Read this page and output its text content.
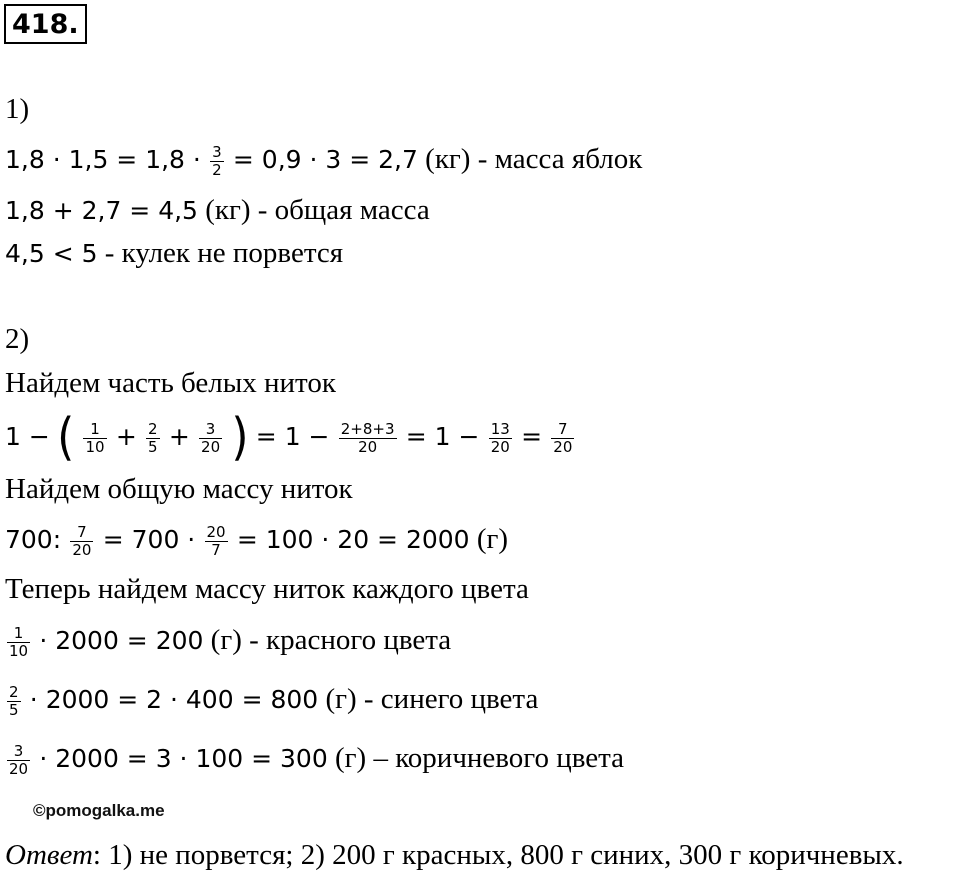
418.
1)
$1,8 \cdot 1,5 = 1,8 \cdot \frac{3}{2} = 0,9 \cdot 3 = 2,7$ (кг) - масса яблок
1,8 + 2,7 = 4,5 (кг) - общая масса
4,5 < 5 - кулек не порвется
2)
Найдем часть белых ниток
1 − ( $\frac{1}{10} + \frac{2}{5} + \frac{3}{20}$ ) = $1 - \frac{2+8+3}{20} = 1 - \frac{13}{20} = \frac{7}{20}$
Найдем общую массу ниток
700: $\frac{7}{20} = 700 \cdot \frac{20}{7} = 100 \cdot 20 = 2000$ (г)
Теперь найдем массу ниток каждого цвета
$\frac{1}{10} \cdot 2000 = 200$ (г) - красного цвета
$\frac{2}{5} \cdot 2000 = 2 \cdot 400 = 800$ (г) - синего цвета
$\frac{3}{20} \cdot 2000 = 3 \cdot 100 = 300$ (г) – коричневого цвета
©pomogalka.me
Ответ: 1) не порвется; 2) 200 г красных, 800 г синих, 300 г коричневых.
